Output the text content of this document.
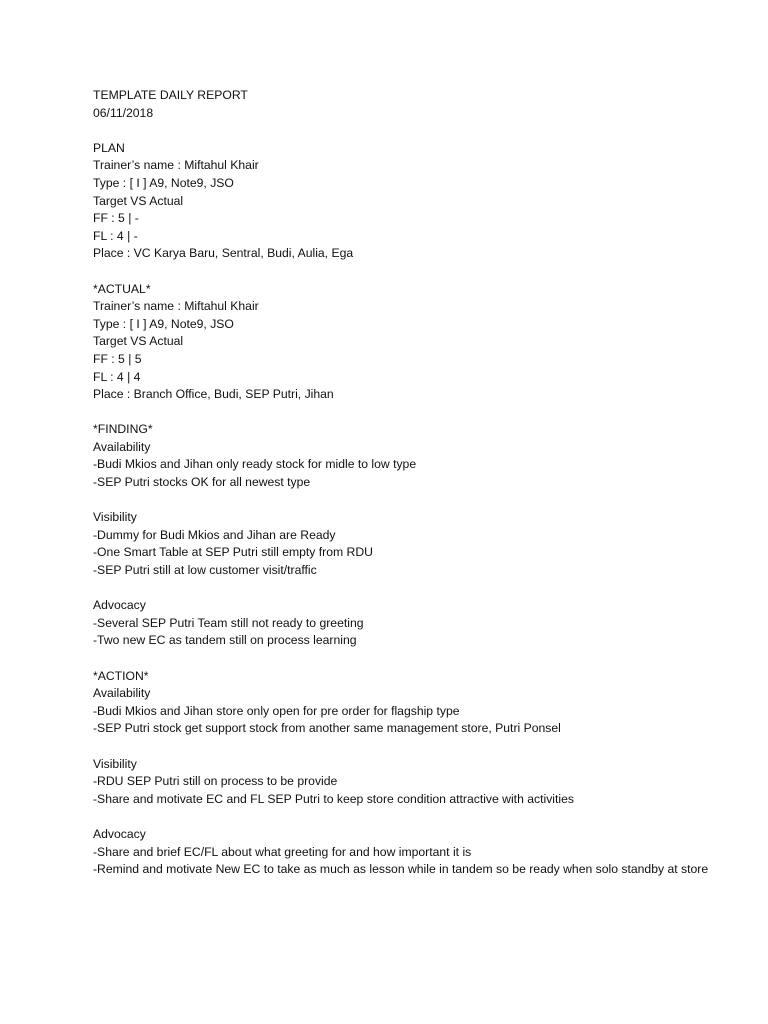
TEMPLATE DAILY REPORT
06/11/2018
PLAN
Trainer’s name : Miftahul Khair
Type : [ I ] A9, Note9, JSO
Target VS Actual
FF : 5 | -
FL : 4 | -
Place : VC Karya Baru, Sentral, Budi, Aulia, Ega
*ACTUAL*
Trainer’s name : Miftahul Khair
Type : [ I ] A9, Note9, JSO
Target VS Actual
FF : 5 | 5
FL : 4 | 4
Place : Branch Office, Budi, SEP Putri, Jihan
*FINDING*
Availability
-Budi Mkios and Jihan only ready stock for midle to low type
-SEP Putri stocks OK for all newest type
Visibility
-Dummy for Budi Mkios and Jihan are Ready
-One Smart Table at SEP Putri still empty from RDU
-SEP Putri still at low customer visit/traffic
Advocacy
-Several SEP Putri Team still not ready to greeting
-Two new EC as tandem still on process learning
*ACTION*
Availability
-Budi Mkios and Jihan store only open for pre order for flagship type
-SEP Putri stock get support stock from another same management store, Putri Ponsel
Visibility
-RDU SEP Putri still on process to be provide
-Share and motivate EC and FL SEP Putri to keep store condition attractive with activities
Advocacy
-Share and brief EC/FL about what greeting for and how important it is
-Remind and motivate New EC to take as much as lesson while in tandem so be ready when solo standby at store
